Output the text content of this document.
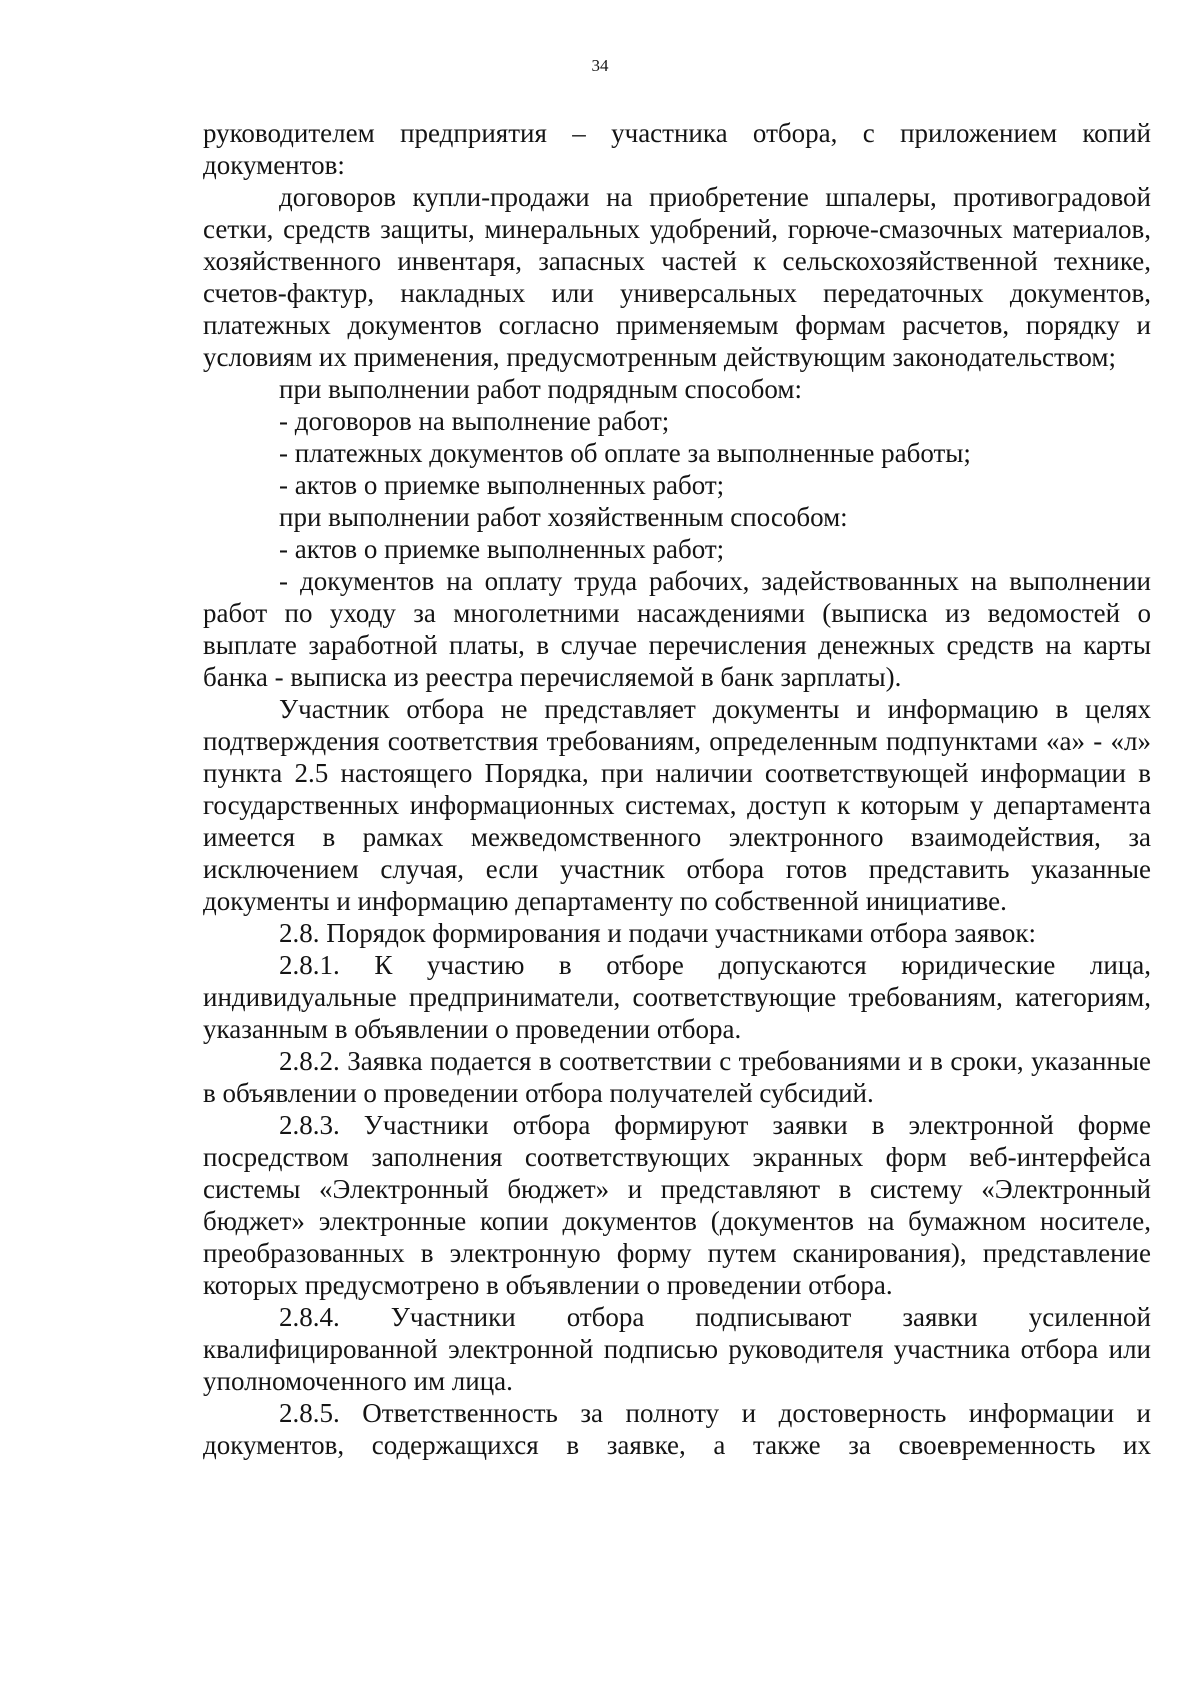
34

руководителем предприятия – участника отбора, с приложением копий документов:

договоров купли-продажи на приобретение шпалеры, противоградовой сетки, средств защиты, минеральных удобрений, горюче-смазочных материалов, хозяйственного инвентаря, запасных частей к сельскохозяйственной технике, счетов-фактур, накладных или универсальных передаточных документов, платежных документов согласно применяемым формам расчетов, порядку и условиям их применения, предусмотренным действующим законодательством;

при выполнении работ подрядным способом:

- договоров на выполнение работ;

- платежных документов об оплате за выполненные работы;

- актов о приемке выполненных работ;

при выполнении работ хозяйственным способом:

- актов о приемке выполненных работ;

- документов на оплату труда рабочих, задействованных на выполнении работ по уходу за многолетними насаждениями (выписка из ведомостей о выплате заработной платы, в случае перечисления денежных средств на карты банка - выписка из реестра перечисляемой в банк зарплаты).

Участник отбора не представляет документы и информацию в целях подтверждения соответствия требованиям, определенным подпунктами «а» - «л» пункта 2.5 настоящего Порядка, при наличии соответствующей информации в государственных информационных системах, доступ к которым у департамента имеется в рамках межведомственного электронного взаимодействия, за исключением случая, если участник отбора готов представить указанные документы и информацию департаменту по собственной инициативе.

2.8. Порядок формирования и подачи участниками отбора заявок:

2.8.1. К участию в отборе допускаются юридические лица, индивидуальные предприниматели, соответствующие требованиям, категориям, указанным в объявлении о проведении отбора.

2.8.2. Заявка подается в соответствии с требованиями и в сроки, указанные в объявлении о проведении отбора получателей субсидий.

2.8.3. Участники отбора формируют заявки в электронной форме посредством заполнения соответствующих экранных форм веб-интерфейса системы «Электронный бюджет» и представляют в систему «Электронный бюджет» электронные копии документов (документов на бумажном носителе, преобразованных в электронную форму путем сканирования), представление которых предусмотрено в объявлении о проведении отбора.

2.8.4. Участники отбора подписывают заявки усиленной квалифицированной электронной подписью руководителя участника отбора или уполномоченного им лица.

2.8.5. Ответственность за полноту и достоверность информации и документов, содержащихся в заявке, а также за своевременность их
